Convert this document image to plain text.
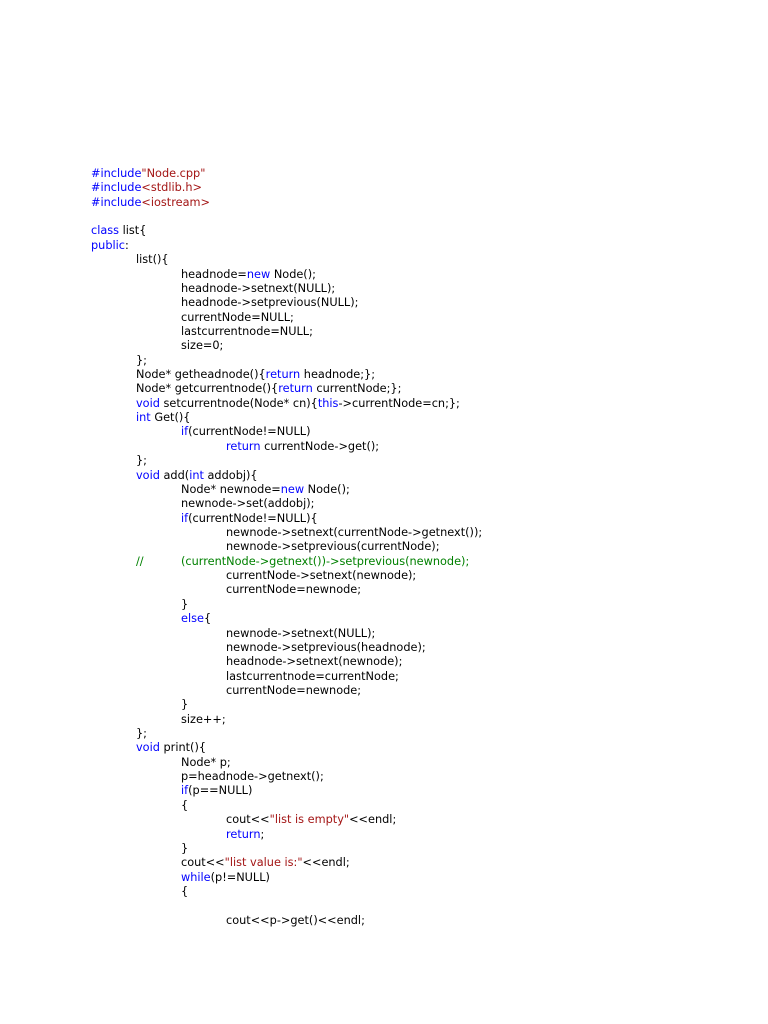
#include"Node.cpp"
#include<stdlib.h>
#include<iostream>
class list{
public:
list(){
headnode=new Node();
headnode->setnext(NULL);
headnode->setprevious(NULL);
currentNode=NULL;
lastcurrentnode=NULL;
size=0;
};
Node* getheadnode(){return headnode;};
Node* getcurrentnode(){return currentNode;};
void setcurrentnode(Node* cn){this->currentNode=cn;};
int Get(){
if(currentNode!=NULL)
return currentNode->get();
};
void add(int addobj){
Node* newnode=new Node();
newnode->set(addobj);
if(currentNode!=NULL){
newnode->setnext(currentNode->getnext());
newnode->setprevious(currentNode);
//	(currentNode->getnext())->setprevious(newnode);
currentNode->setnext(newnode);
currentNode=newnode;
}
else{
newnode->setnext(NULL);
newnode->setprevious(headnode);
headnode->setnext(newnode);
lastcurrentnode=currentNode;
currentNode=newnode;
}
size++;
};
void print(){
Node* p;
p=headnode->getnext();
if(p==NULL)
{
cout<<"list is empty"<<endl;
return;
}
cout<<"list value is:"<<endl;
while(p!=NULL)
{
cout<<p->get()<<endl;
